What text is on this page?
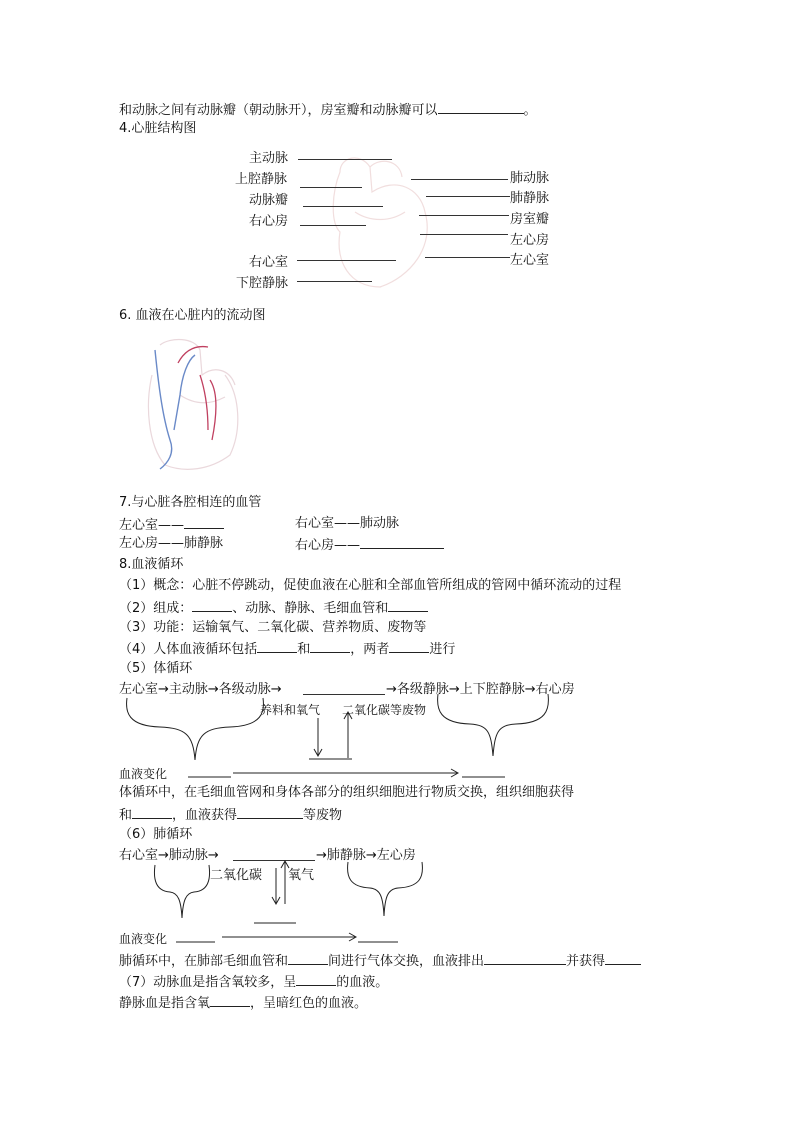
和动脉之间有动脉瓣（朝动脉开），房室瓣和动脉瓣可以	。
4.心脏结构图
主动脉
上腔静脉
动脉瓣
右心房
右心室
下腔静脉
肺动脉
肺静脉
房室瓣
左心房
左心室
6. 血液在心脏内的流动图
7.与心脏各腔相连的血管
左心室——	右心室——肺动脉
左心房——肺静脉	右心房——
8.血液循环
（1）概念：心脏不停跳动，促使血液在心脏和全部血管所组成的管网中循环流动的过程
（2）组成：	、动脉、静脉、毛细血管和
（3）功能：运输氧气、二氧化碳、营养物质、废物等
（4）人体血液循环包括	和	，两者	进行
（5）体循环
左心室→主动脉→各级动脉→	→各级静脉→上下腔静脉→右心房
养料和氧气 二氧化碳等废物
血液变化
体循环中，在毛细血管网和身体各部分的组织细胞进行物质交换，组织细胞获得
和	，血液获得	等废物
（6）肺循环
右心室→肺动脉→	→肺静脉→左心房
二氧化碳 氧气
血液变化
肺循环中，在肺部毛细血管和	间进行气体交换，血液排出	并获得
（7）动脉血是指含氧较多，呈	的血液。
静脉血是指含氧	，呈暗红色的血液。
